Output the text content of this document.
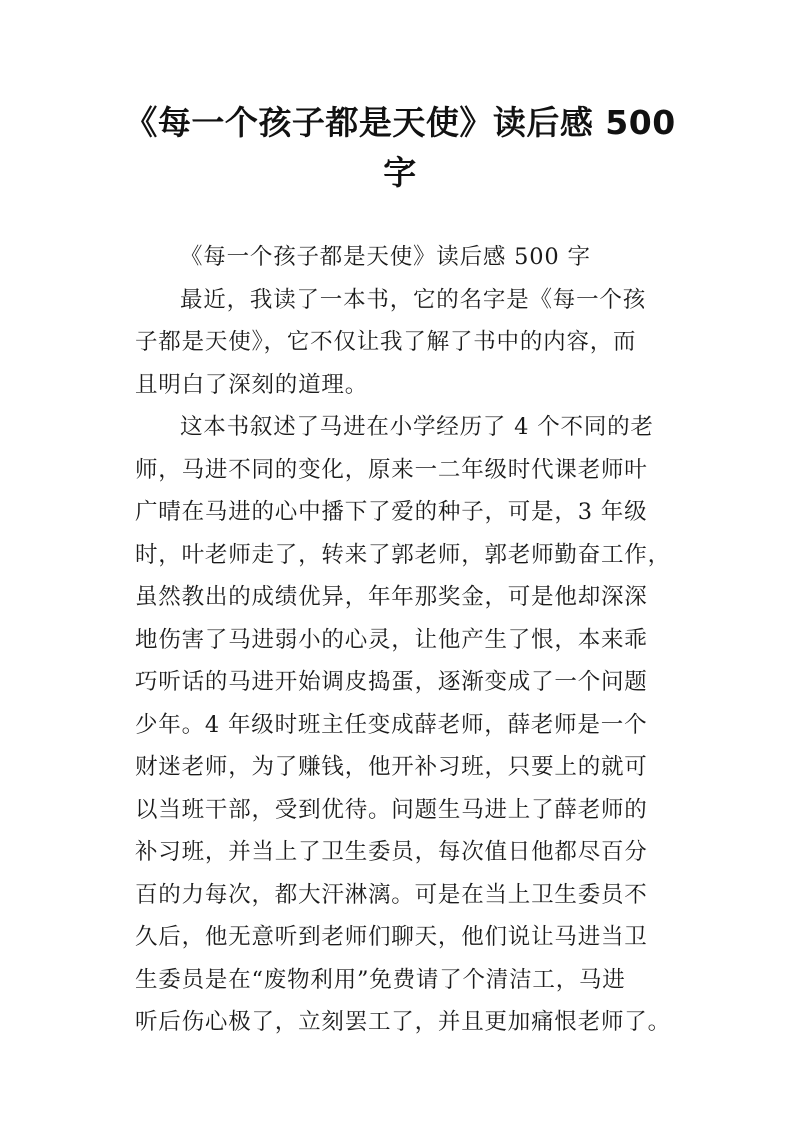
《每一个孩子都是天使》读后感 500
字
《每一个孩子都是天使》读后感 500 字
最近，我读了一本书，它的名字是《每一个孩
子都是天使》，它不仅让我了解了书中的内容，而
且明白了深刻的道理。
这本书叙述了马进在小学经历了 4 个不同的老
师，马进不同的变化，原来一二年级时代课老师叶
广晴在马进的心中播下了爱的种子，可是，3 年级
时，叶老师走了，转来了郭老师，郭老师勤奋工作，
虽然教出的成绩优异，年年那奖金，可是他却深深
地伤害了马进弱小的心灵，让他产生了恨，本来乖
巧听话的马进开始调皮捣蛋，逐渐变成了一个问题
少年。4 年级时班主任变成薛老师，薛老师是一个
财迷老师，为了赚钱，他开补习班，只要上的就可
以当班干部，受到优待。问题生马进上了薛老师的
补习班，并当上了卫生委员，每次值日他都尽百分
百的力每次，都大汗淋漓。可是在当上卫生委员不
久后，他无意听到老师们聊天，他们说让马进当卫
生委员是在“废物利用”免费请了个清洁工，马进
听后伤心极了，立刻罢工了，并且更加痛恨老师了。
